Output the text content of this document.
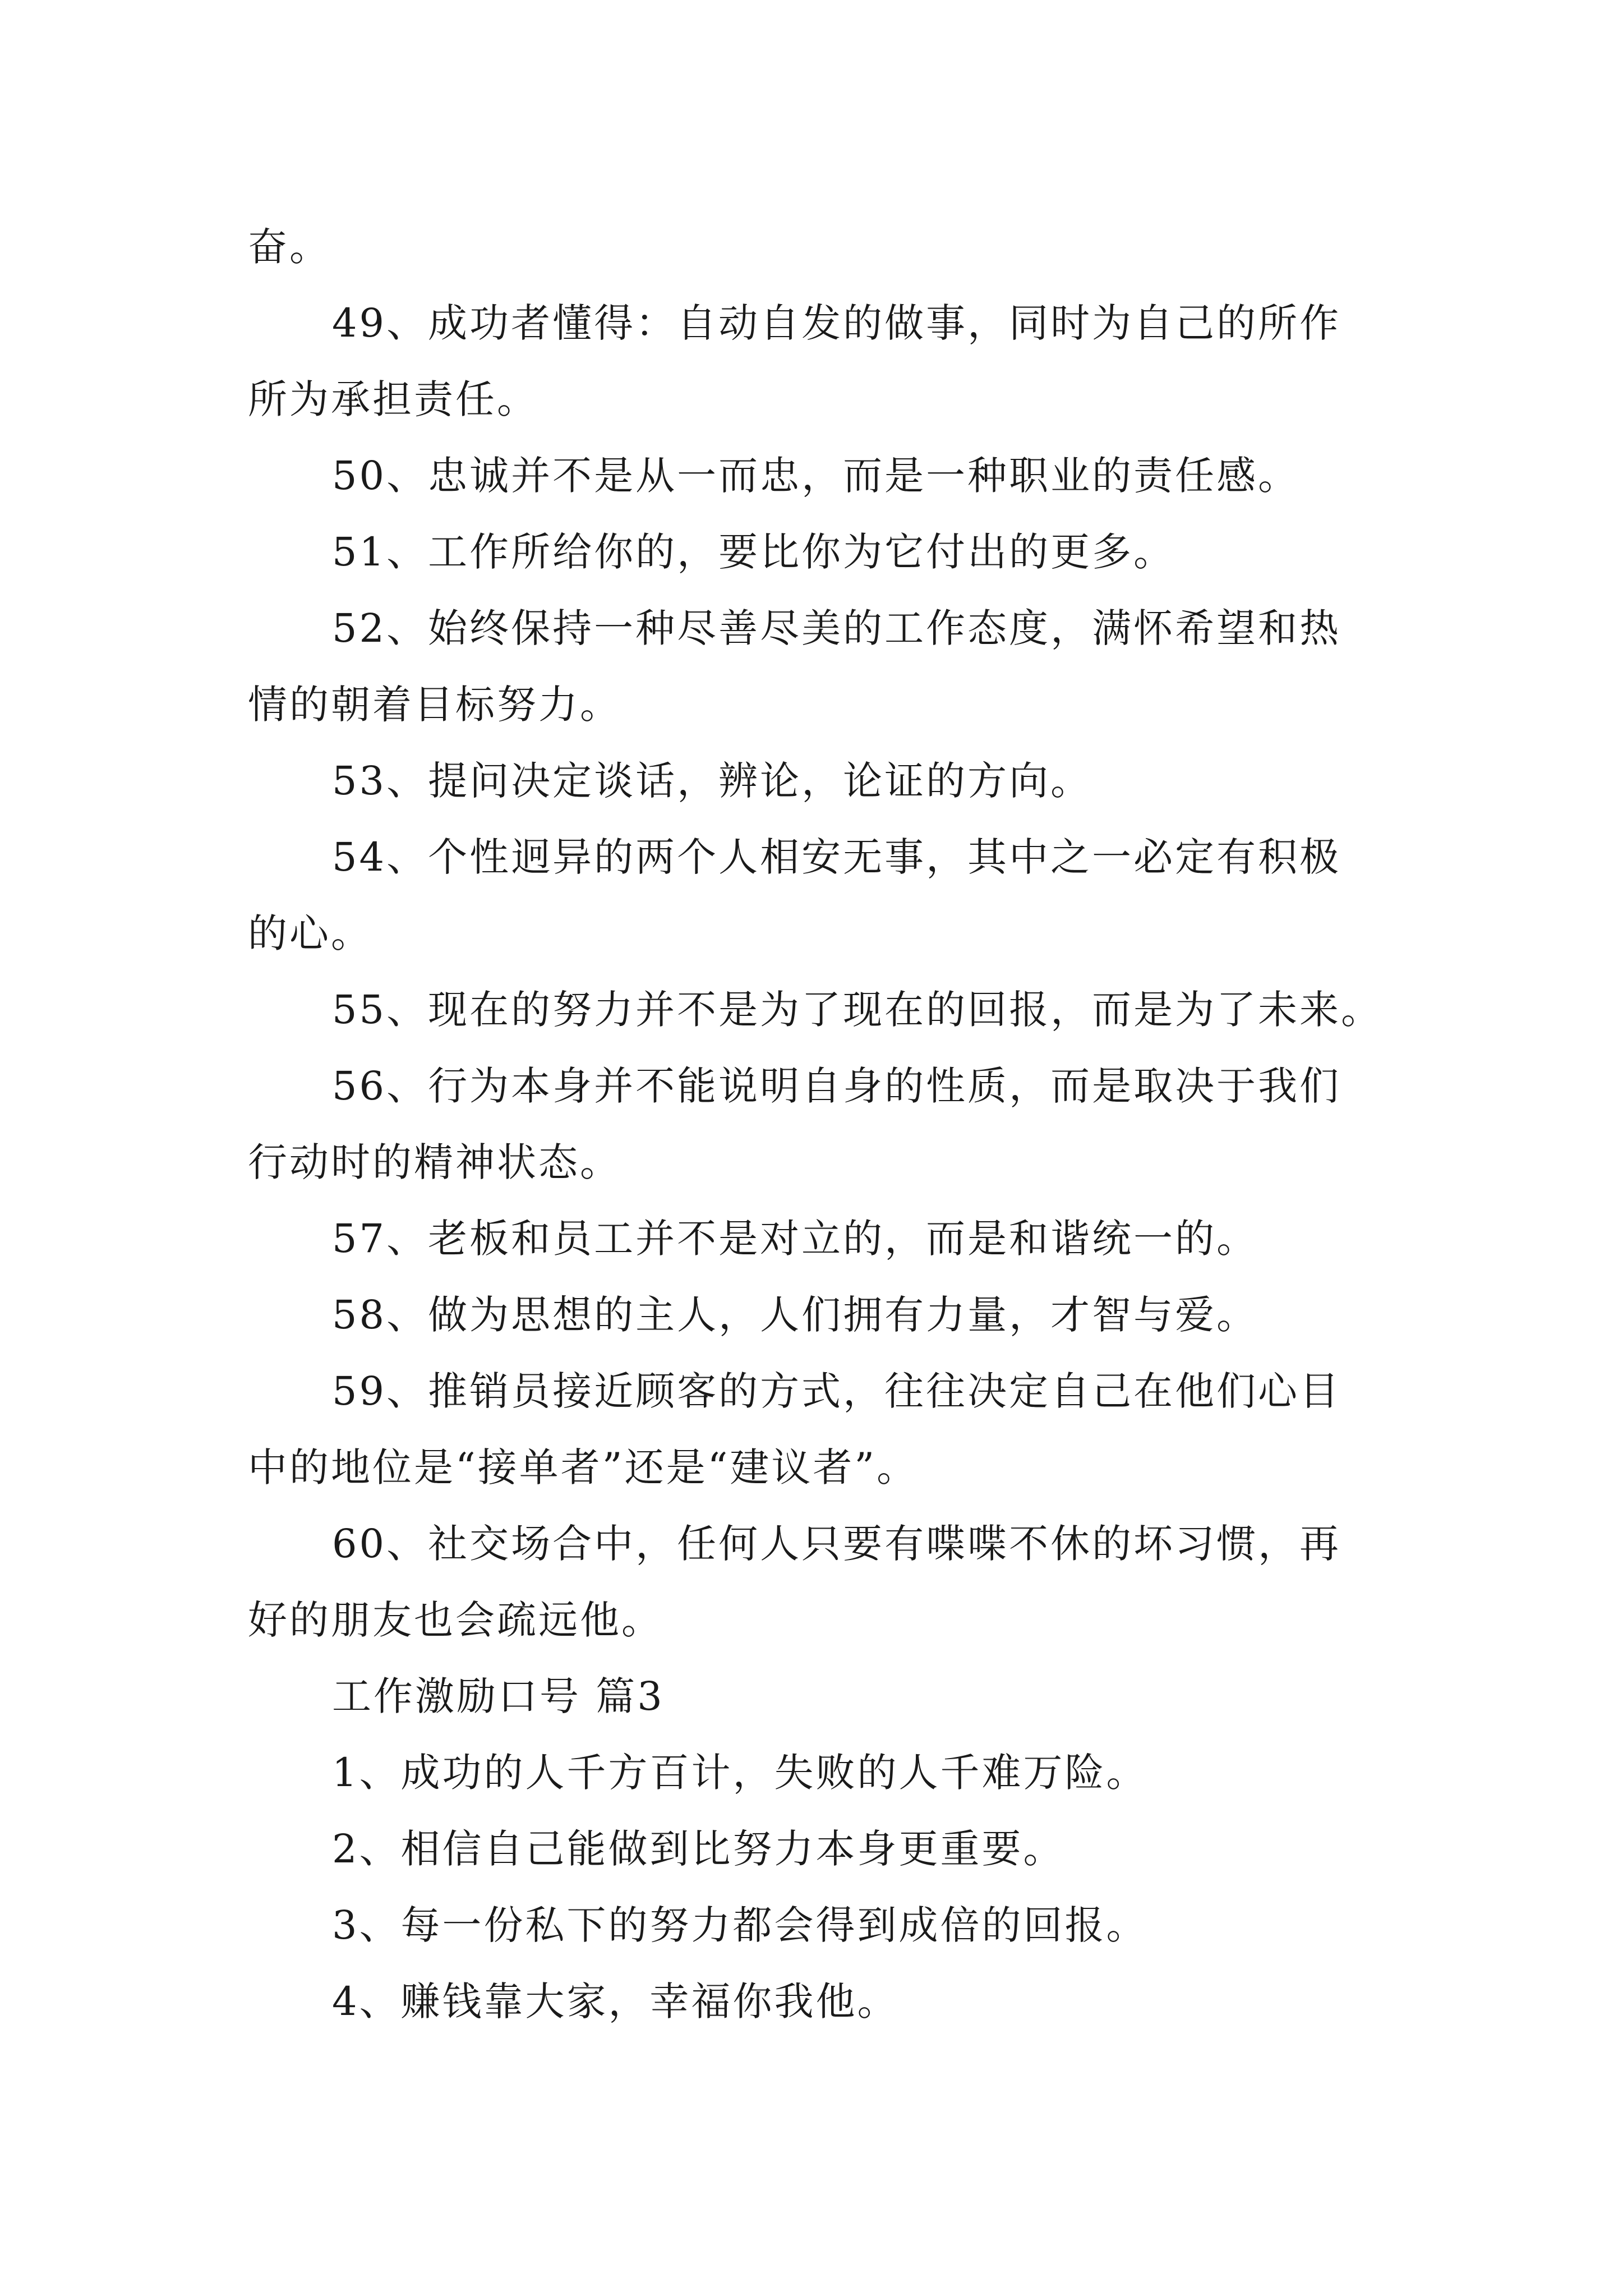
奋。
49、成功者懂得：自动自发的做事，同时为自己的所作
所为承担责任。
50、忠诚并不是从一而忠，而是一种职业的责任感。
51、工作所给你的，要比你为它付出的更多。
52、始终保持一种尽善尽美的工作态度，满怀希望和热
情的朝着目标努力。
53、提问决定谈话，辨论，论证的方向。
54、个性迥异的两个人相安无事，其中之一必定有积极
的心。
55、现在的努力并不是为了现在的回报，而是为了未来。
56、行为本身并不能说明自身的性质，而是取决于我们
行动时的精神状态。
57、老板和员工并不是对立的，而是和谐统一的。
58、做为思想的主人，人们拥有力量，才智与爱。
59、推销员接近顾客的方式，往往决定自己在他们心目
中的地位是“接单者”还是“建议者”。
60、社交场合中，任何人只要有喋喋不休的坏习惯，再
好的朋友也会疏远他。
工作激励口号 篇3
1、成功的人千方百计，失败的人千难万险。
2、相信自己能做到比努力本身更重要。
3、每一份私下的努力都会得到成倍的回报。
4、赚钱靠大家，幸福你我他。
